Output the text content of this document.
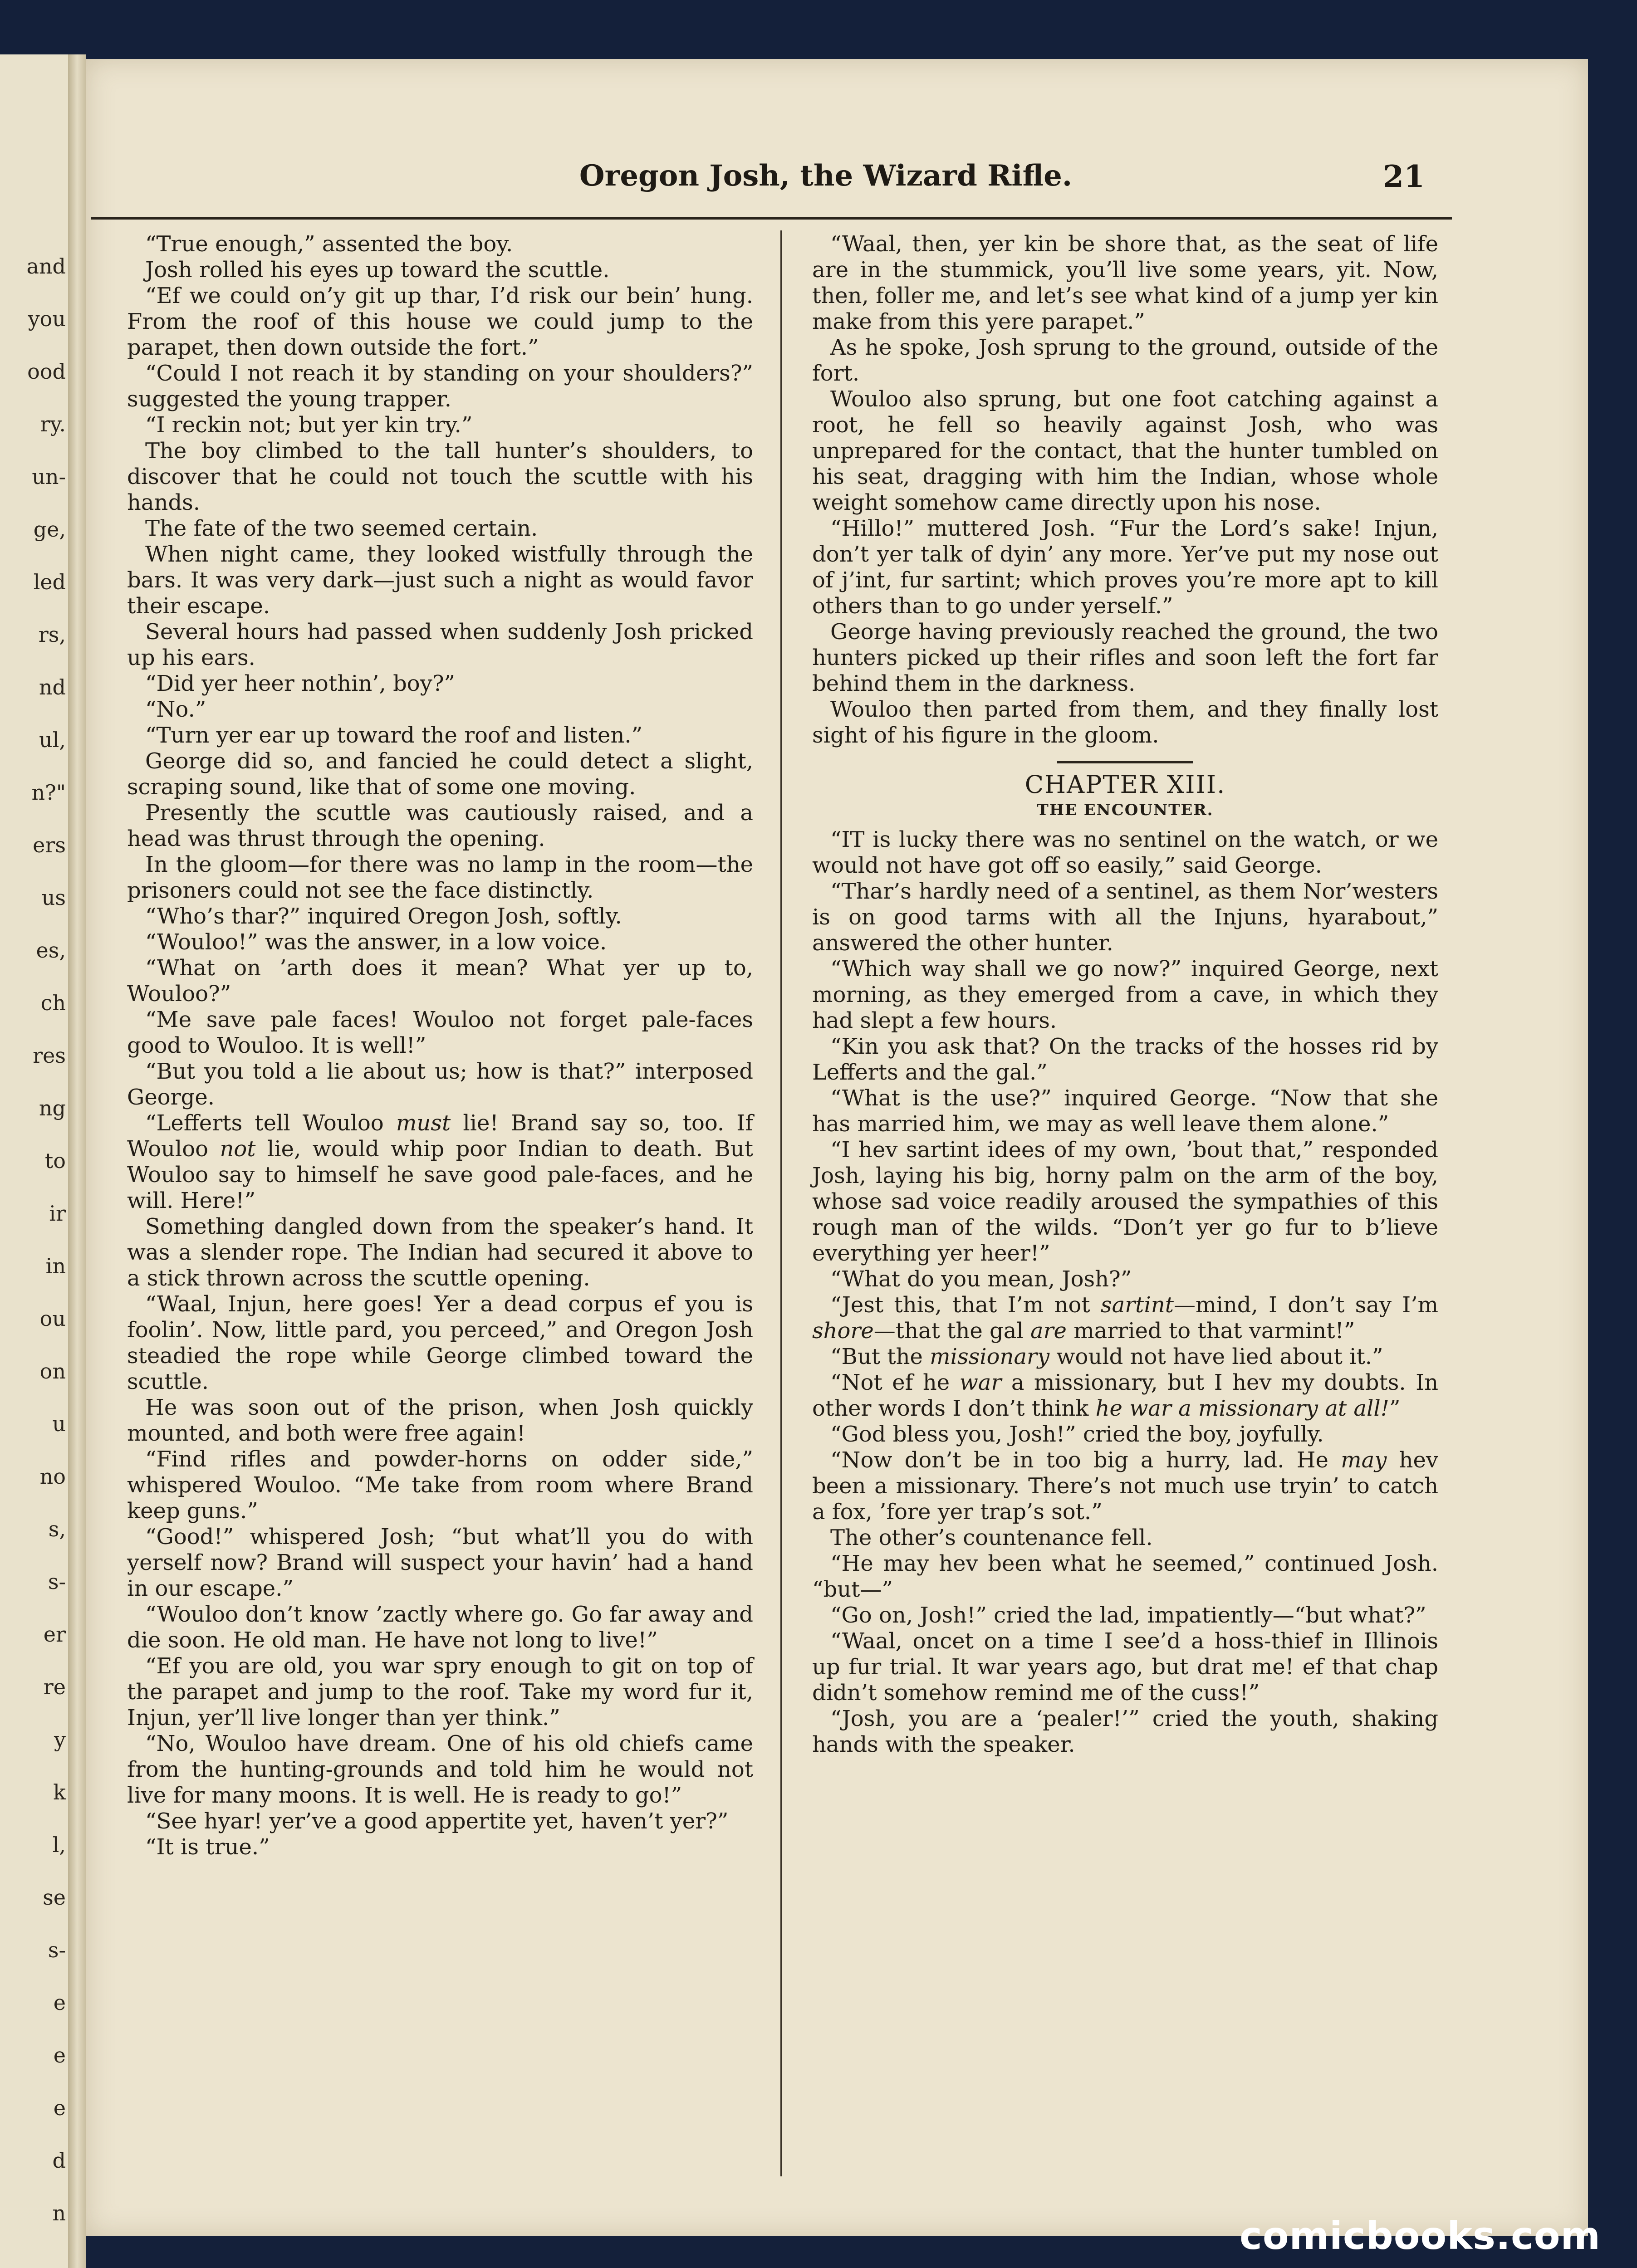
and
you
ood
ry.
un-
ge,
led
rs,
nd
ul,
n?"
ers
us
es,
ch
res
ng
to
ir
in
ou
on
u
no
s,
s-
er
re
y
k
l,
se
s-
e
e
e
d
n
Oregon Josh, the Wizard Rifle.	21

“True enough,” assented the boy.

Josh rolled his eyes up toward the scuttle.

“Ef we could on’y git up thar, I’d risk our bein’ hung. From the roof of this house we could jump to the parapet, then down outside the fort.”

“Could I not reach it by standing on your shoulders?” suggested the young trapper.

“I reckin not; but yer kin try.”

The boy climbed to the tall hunter’s shoulders, to discover that he could not touch the scuttle with his hands.

The fate of the two seemed certain.

When night came, they looked wistfully through the bars. It was very dark—just such a night as would favor their escape.

Several hours had passed when suddenly Josh pricked up his ears.

“Did yer heer nothin’, boy?”

“No.”

“Turn yer ear up toward the roof and listen.”

George did so, and fancied he could detect a slight, scraping sound, like that of some one moving.

Presently the scuttle was cautiously raised, and a head was thrust through the opening.

In the gloom—for there was no lamp in the room—the prisoners could not see the face distinctly.

“Who’s thar?” inquired Oregon Josh, softly.

“Wouloo!” was the answer, in a low voice.

“What on ’arth does it mean? What yer up to, Wouloo?”

“Me save pale faces! Wouloo not forget pale-faces good to Wouloo. It is well!”

“But you told a lie about us; how is that?” interposed George.

“Lefferts tell Wouloo must lie! Brand say so, too. If Wouloo not lie, would whip poor Indian to death. But Wouloo say to himself he save good pale-faces, and he will. Here!”

Something dangled down from the speaker’s hand. It was a slender rope. The Indian had secured it above to a stick thrown across the scuttle opening.

“Waal, Injun, here goes! Yer a dead corpus ef you is foolin’. Now, little pard, you perceed,” and Oregon Josh steadied the rope while George climbed toward the scuttle.

He was soon out of the prison, when Josh quickly mounted, and both were free again!

“Find rifles and powder-horns on odder side,” whispered Wouloo. “Me take from room where Brand keep guns.”

“Good!” whispered Josh; “but what’ll you do with yerself now? Brand will suspect your havin’ had a hand in our escape.”

“Wouloo don’t know ’zactly where go. Go far away and die soon. He old man. He have not long to live!”

“Ef you are old, you war spry enough to git on top of the parapet and jump to the roof. Take my word fur it, Injun, yer’ll live longer than yer think.”

“No, Wouloo have dream. One of his old chiefs came from the hunting-grounds and told him he would not live for many moons. It is well. He is ready to go!”

“See hyar! yer’ve a good appertite yet, haven’t yer?”

“It is true.”

“Waal, then, yer kin be shore that, as the seat of life are in the stummick, you’ll live some years, yit. Now, then, foller me, and let’s see what kind of a jump yer kin make from this yere parapet.”

As he spoke, Josh sprung to the ground, outside of the fort.

Wouloo also sprung, but one foot catching against a root, he fell so heavily against Josh, who was unprepared for the contact, that the hunter tumbled on his seat, dragging with him the Indian, whose whole weight somehow came directly upon his nose.

“Hillo!” muttered Josh. “Fur the Lord’s sake! Injun, don’t yer talk of dyin’ any more. Yer’ve put my nose out of j’int, fur sartint; which proves you’re more apt to kill others than to go under yerself.”

George having previously reached the ground, the two hunters picked up their rifles and soon left the fort far behind them in the darkness.

Wouloo then parted from them, and they finally lost sight of his figure in the gloom.

CHAPTER XIII.

THE ENCOUNTER.

“IT is lucky there was no sentinel on the watch, or we would not have got off so easily,” said George.

“Thar’s hardly need of a sentinel, as them Nor’westers is on good tarms with all the Injuns, hyarabout,” answered the other hunter.

“Which way shall we go now?” inquired George, next morning, as they emerged from a cave, in which they had slept a few hours.

“Kin you ask that? On the tracks of the hosses rid by Lefferts and the gal.”

“What is the use?” inquired George. “Now that she has married him, we may as well leave them alone.”

“I hev sartint idees of my own, ’bout that,” responded Josh, laying his big, horny palm on the arm of the boy, whose sad voice readily aroused the sympathies of this rough man of the wilds. “Don’t yer go fur to b’lieve everything yer heer!”

“What do you mean, Josh?”

“Jest this, that I’m not sartint—mind, I don’t say I’m shore—that the gal are married to that varmint!”

“But the missionary would not have lied about it.”

“Not ef he war a missionary, but I hev my doubts. In other words I don’t think he war a missionary at all!”

“God bless you, Josh!” cried the boy, joyfully.

“Now don’t be in too big a hurry, lad. He may hev been a missionary. There’s not much use tryin’ to catch a fox, ’fore yer trap’s sot.”

The other’s countenance fell.

“He may hev been what he seemed,” continued Josh. “but—”

“Go on, Josh!” cried the lad, impatiently—“but what?”

“Waal, oncet on a time I see’d a hoss-thief in Illinois up fur trial. It war years ago, but drat me! ef that chap didn’t somehow remind me of the cuss!”

“Josh, you are a ‘pealer!’” cried the youth, shaking hands with the speaker.

comicbooks.com
